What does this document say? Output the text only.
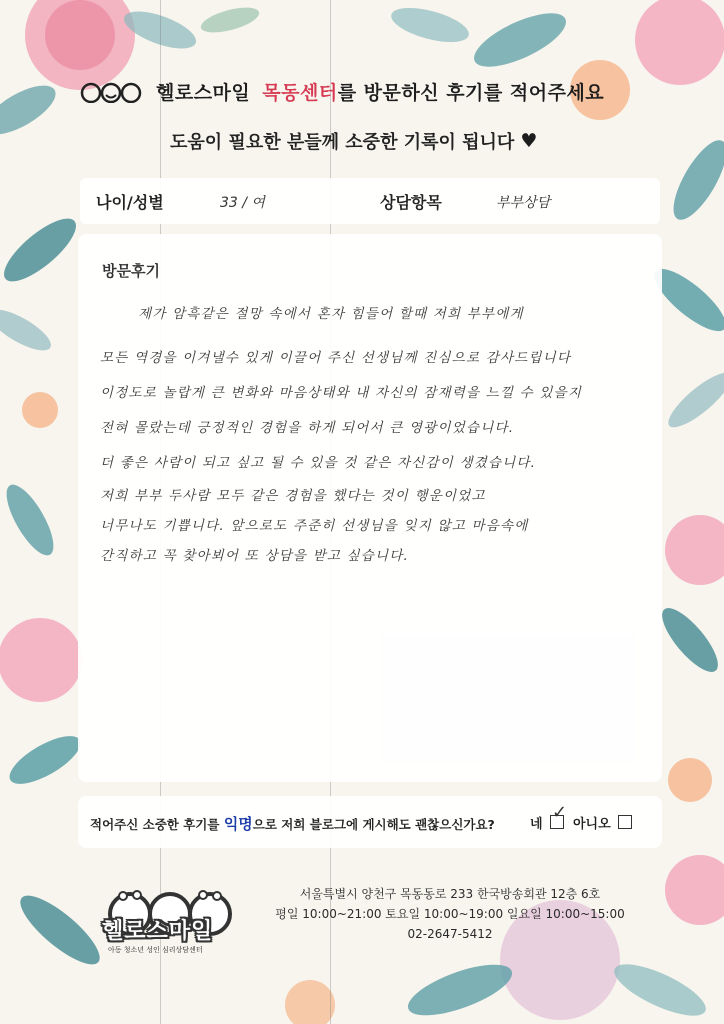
헬로스마일 목동센터 를 방문하신 후기를 적어주세요
도움이 필요한 분들께 소중한 기록이 됩니다 ♥
나이/성별	33 / 여	상담항목	부부상담
방문후기
제가 암흑같은 절망 속에서 혼자 힘들어 할때 저희 부부에게
모든 역경을 이겨낼수 있게 이끌어 주신 선생님께 진심으로 감사드립니다
이정도로 놀랍게 큰 변화와 마음상태와 내 자신의 잠재력을 느낄 수 있을지
전혀 몰랐는데 긍정적인 경험을 하게 되어서 큰 영광이었습니다.
더 좋은 사람이 되고 싶고 될 수 있을 것 같은 자신감이 생겼습니다.
저희 부부 두사람 모두 같은 경험을 했다는 것이 행운이었고
너무나도 기쁩니다. 앞으로도 주준히 선생님을 잊지 않고 마음속에
간직하고 꼭 찾아뵈어 또 상담을 받고 싶습니다.
적어주신 소중한 후기를 익명으로 저희 블로그에 게시해도 괜찮으신가요?	네
✓
아니오
헬로스마일
아동 청소년 성인 심리상담센터
서울특별시 양천구 목동동로 233 한국방송회관 12층 6호
평일 10:00~21:00 토요일 10:00~19:00 일요일 10:00~15:00
02-2647-5412
